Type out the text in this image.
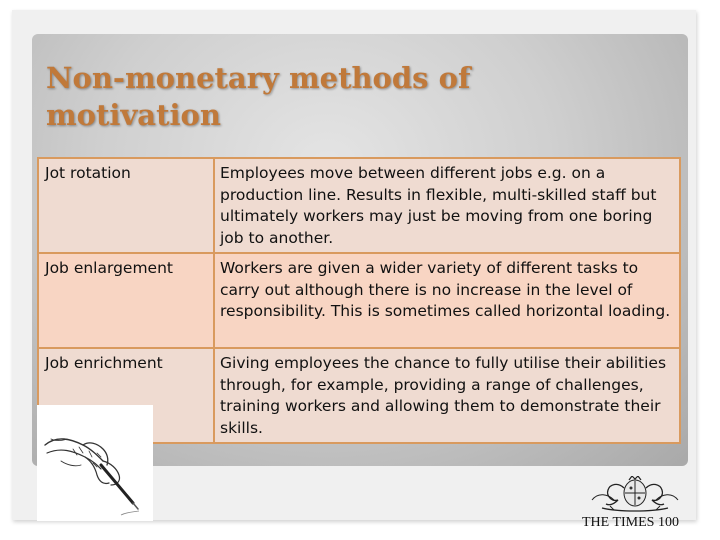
Non-monetary methods of
motivation
Jot rotation	Employees move between different jobs e.g. on a production line. Results in flexible, multi-skilled staff but ultimately workers may just be moving from one boring job to another.
Job enlargement	Workers are given a wider variety of different tasks to carry out although there is no increase in the level of responsibility. This is sometimes called horizontal loading.
Job enrichment	Giving employees the chance to fully utilise their abilities through, for example, providing a range of challenges, training workers and allowing them to demonstrate their skills.

THE TIMES 100
